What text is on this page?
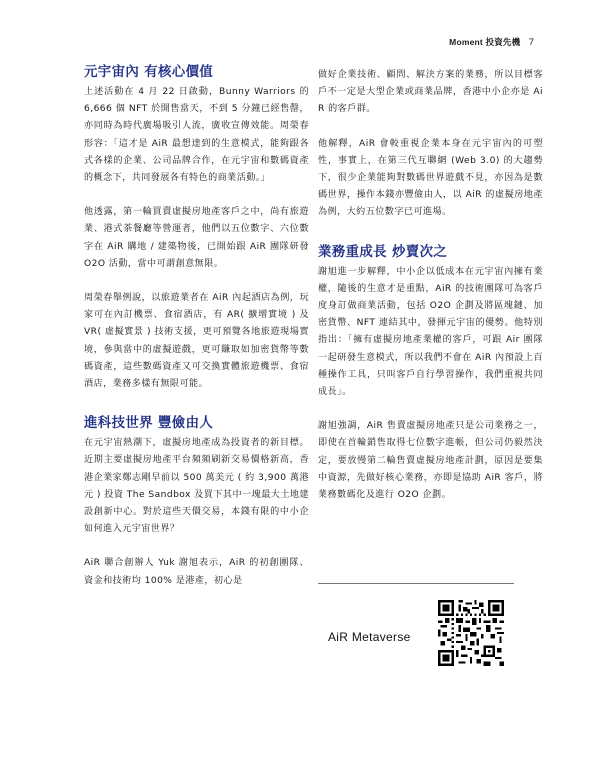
Moment 投資先機 7
元宇宙內 有核心價值

上述活動在 4 月 22 日啟動，Bunny Warriors 的 6,666 個 NFT 於開售當天，不到 5 分鐘已經售罄，亦同時為時代廣場吸引人流，廣收宣傳效能。周榮春形容：「這才是 AiR 最想達到的生意模式，能夠跟各式各樣的企業、公司品牌合作，在元宇宙和數碼資產的概念下，共同發展各有特色的商業活動。」

他透露，第一輪買賣虛擬房地產客戶之中，尚有旅遊業、港式茶餐廳等營運者，他們以五位數字、六位數字在 AiR 購地 / 建築物後，已開始跟 AiR 團隊研發 O2O 活動，當中可謂創意無限。

周榮春舉例說，以旅遊業者在 AiR 內起酒店為例，玩家可在內訂機票、食宿酒店，有 AR( 擴增實境 ) 及 VR( 虛擬實景 ) 技術支援，更可預覽各地旅遊現場實境，參與當中的虛擬遊戲，更可賺取如加密貨幣等數碼資產，這些數碼資產又可交換實體旅遊機票、食宿酒店，業務多樣有無限可能。

進科技世界 豐儉由人

在元宇宙熱潮下，虛擬房地產成為投資者的新目標。近期主要虛擬房地產平台頻頻刷新交易價格新高，香港企業家鄭志剛早前以 500 萬美元 ( 約 3,900 萬港元 ) 投資 The Sandbox 及買下其中一塊最大土地建設創新中心。對於這些天價交易，本錢有限的中小企如何進入元宇宙世界？

AiR 聯合創辦人 Yuk 謝旭表示，AiR 的初創團隊、資金和技術均 100% 是港產，初心是

做好企業技術、顧問、解決方案的業務，所以目標客戶不一定是大型企業或商業品牌，香港中小企亦是 AiR 的客戶群。

他解釋，AiR 會較重視企業本身在元宇宙內的可塑性，事實上，在第三代互聯網 (Web 3.0) 的大趨勢下，很少企業能夠對數碼世界遊戲不見，亦因為是數碼世界，操作本錢亦豐儉由人，以 AiR 的虛擬房地產為例，大約五位數字已可進場。

業務重成長 炒賣次之

謝旭進一步解釋，中小企以低成本在元宇宙內擁有業權，隨後的生意才是重點，AiR 的技術團隊可為客戶度身訂做商業活動，包括 O2O 企劃及將區塊鏈、加密貨幣、NFT 連結其中，發揮元宇宙的優勢。他特別指出：「擁有虛擬房地產業權的客戶，可跟 Air 團隊一起研發生意模式，所以我們不會在 AiR 內預設上百種操作工具，只叫客戶自行學習操作，我們重視共同成長」。

謝旭強調，AiR 售賣虛擬房地產只是公司業務之一，即使在首輪銷售取得七位數字進帳，但公司仍毅然決定，要放慢第二輪售賣虛擬房地產計劃，原因是要集中資源，先做好核心業務，亦即是協助 AiR 客戶，將業務數碼化及進行 O2O 企劃。

AiR Metaverse
